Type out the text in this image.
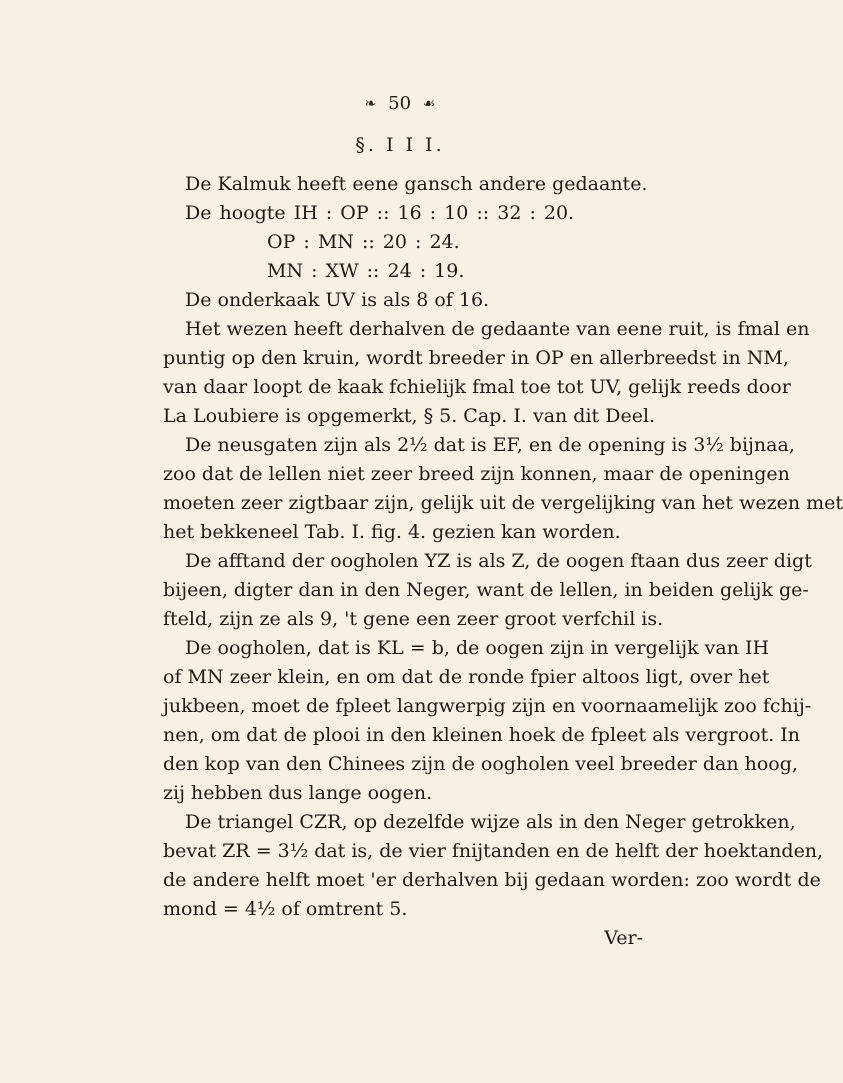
❧ 50 ☙
§. I I I.
De Kalmuk heeft eene gansch andere gedaante.
De hoogte IH : OP :: 16 : 10 :: 32 : 20.
OP : MN :: 20 : 24.
MN : XW :: 24 : 19.
De onderkaak UV is als 8 of 16.
Het wezen heeft derhalven de gedaante van eene ruit, is fmal en
puntig op den kruin, wordt breeder in OP en allerbreedst in NM,
van daar loopt de kaak fchielijk fmal toe tot UV, gelijk reeds door
La Loubiere is opgemerkt, § 5. Cap. I. van dit Deel.
De neusgaten zijn als 2½ dat is EF, en de opening is 3½ bijnaa,
zoo dat de lellen niet zeer breed zijn konnen, maar de openingen
moeten zeer zigtbaar zijn, gelijk uit de vergelijking van het wezen met
het bekkeneel Tab. I. fig. 4. gezien kan worden.
De afftand der oogholen YZ is als Z, de oogen ftaan dus zeer digt
bijeen, digter dan in den Neger, want de lellen, in beiden gelijk ge-
fteld, zijn ze als 9, 't gene een zeer groot verfchil is.
De oogholen, dat is KL = b, de oogen zijn in vergelijk van IH
of MN zeer klein, en om dat de ronde fpier altoos ligt, over het
jukbeen, moet de fpleet langwerpig zijn en voornaamelijk zoo fchij-
nen, om dat de plooi in den kleinen hoek de fpleet als vergroot. In
den kop van den Chinees zijn de oogholen veel breeder dan hoog,
zij hebben dus lange oogen.
De triangel CZR, op dezelfde wijze als in den Neger getrokken,
bevat ZR = 3½ dat is, de vier fnijtanden en de helft der hoektanden,
de andere helft moet 'er derhalven bij gedaan worden: zoo wordt de
mond = 4½ of omtrent 5.
Ver-
